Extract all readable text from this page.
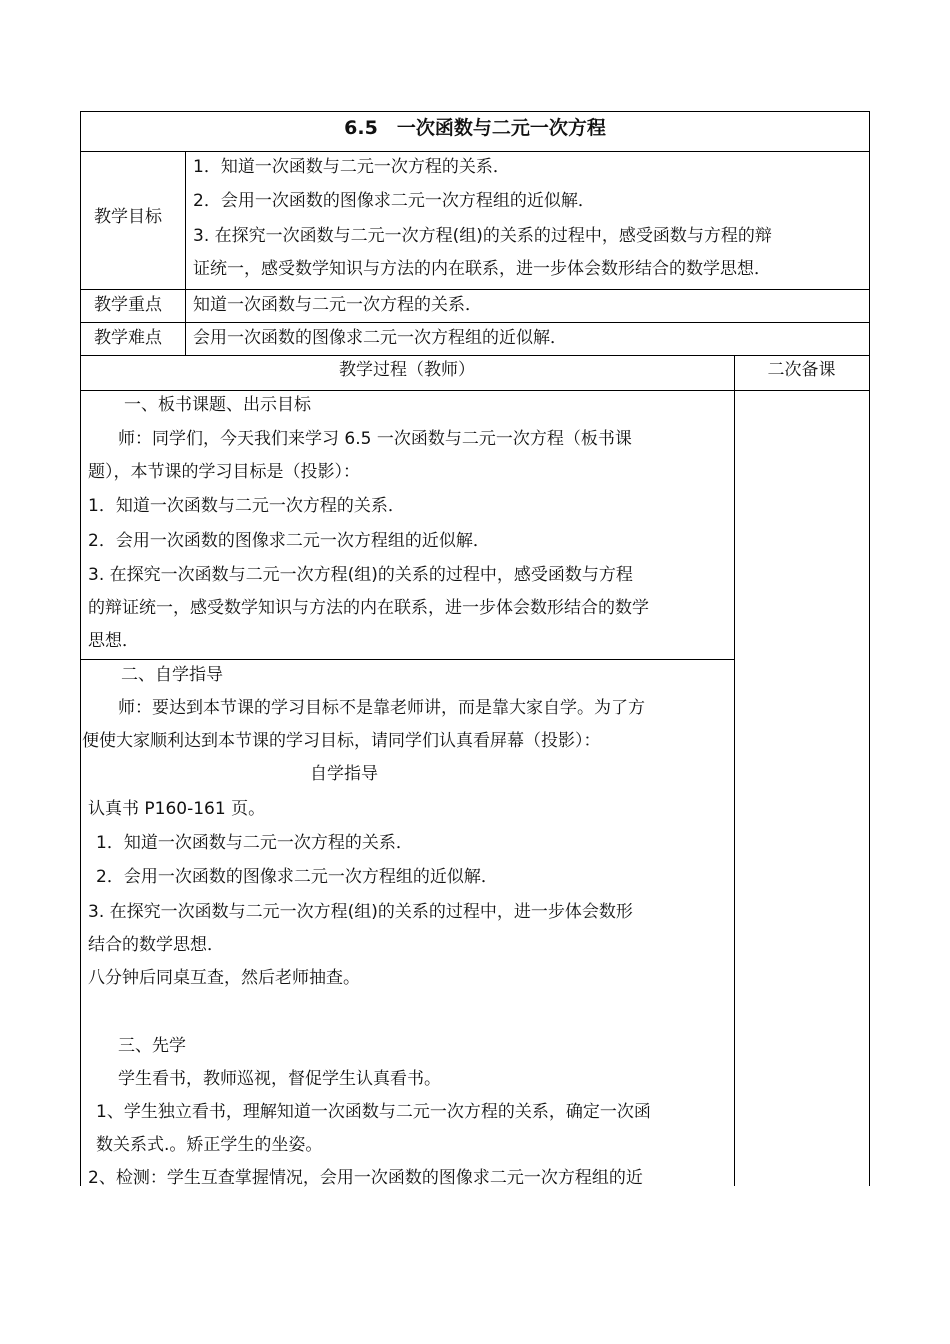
6.5　一次函数与二元一次方程
教学目标
1．知道一次函数与二元一次方程的关系．
2．会用一次函数的图像求二元一次方程组的近似解．
3. 在探究一次函数与二元一次方程(组)的关系的过程中，感受函数与方程的辩
证统一，感受数学知识与方法的内在联系，进一步体会数形结合的数学思想．
教学重点 知道一次函数与二元一次方程的关系．
教学难点 会用一次函数的图像求二元一次方程组的近似解．
教学过程（教师）	二次备课
一、板书课题、出示目标
师：同学们，今天我们来学习 6.5 一次函数与二元一次方程（板书课
题），本节课的学习目标是（投影）：
1．知道一次函数与二元一次方程的关系．
2．会用一次函数的图像求二元一次方程组的近似解．
3. 在探究一次函数与二元一次方程(组)的关系的过程中，感受函数与方程
的辩证统一，感受数学知识与方法的内在联系，进一步体会数形结合的数学
思想．
二、自学指导
师：要达到本节课的学习目标不是靠老师讲，而是靠大家自学。为了方
便使大家顺利达到本节课的学习目标，请同学们认真看屏幕（投影）：
自学指导
认真书 P160-161 页。
1．知道一次函数与二元一次方程的关系．
2．会用一次函数的图像求二元一次方程组的近似解．
3. 在探究一次函数与二元一次方程(组)的关系的过程中，进一步体会数形
结合的数学思想．
八分钟后同桌互查，然后老师抽查。
三、先学
学生看书，教师巡视，督促学生认真看书。
1、学生独立看书，理解知道一次函数与二元一次方程的关系，确定一次函
数关系式.。矫正学生的坐姿。
2、检测：学生互查掌握情况，会用一次函数的图像求二元一次方程组的近
